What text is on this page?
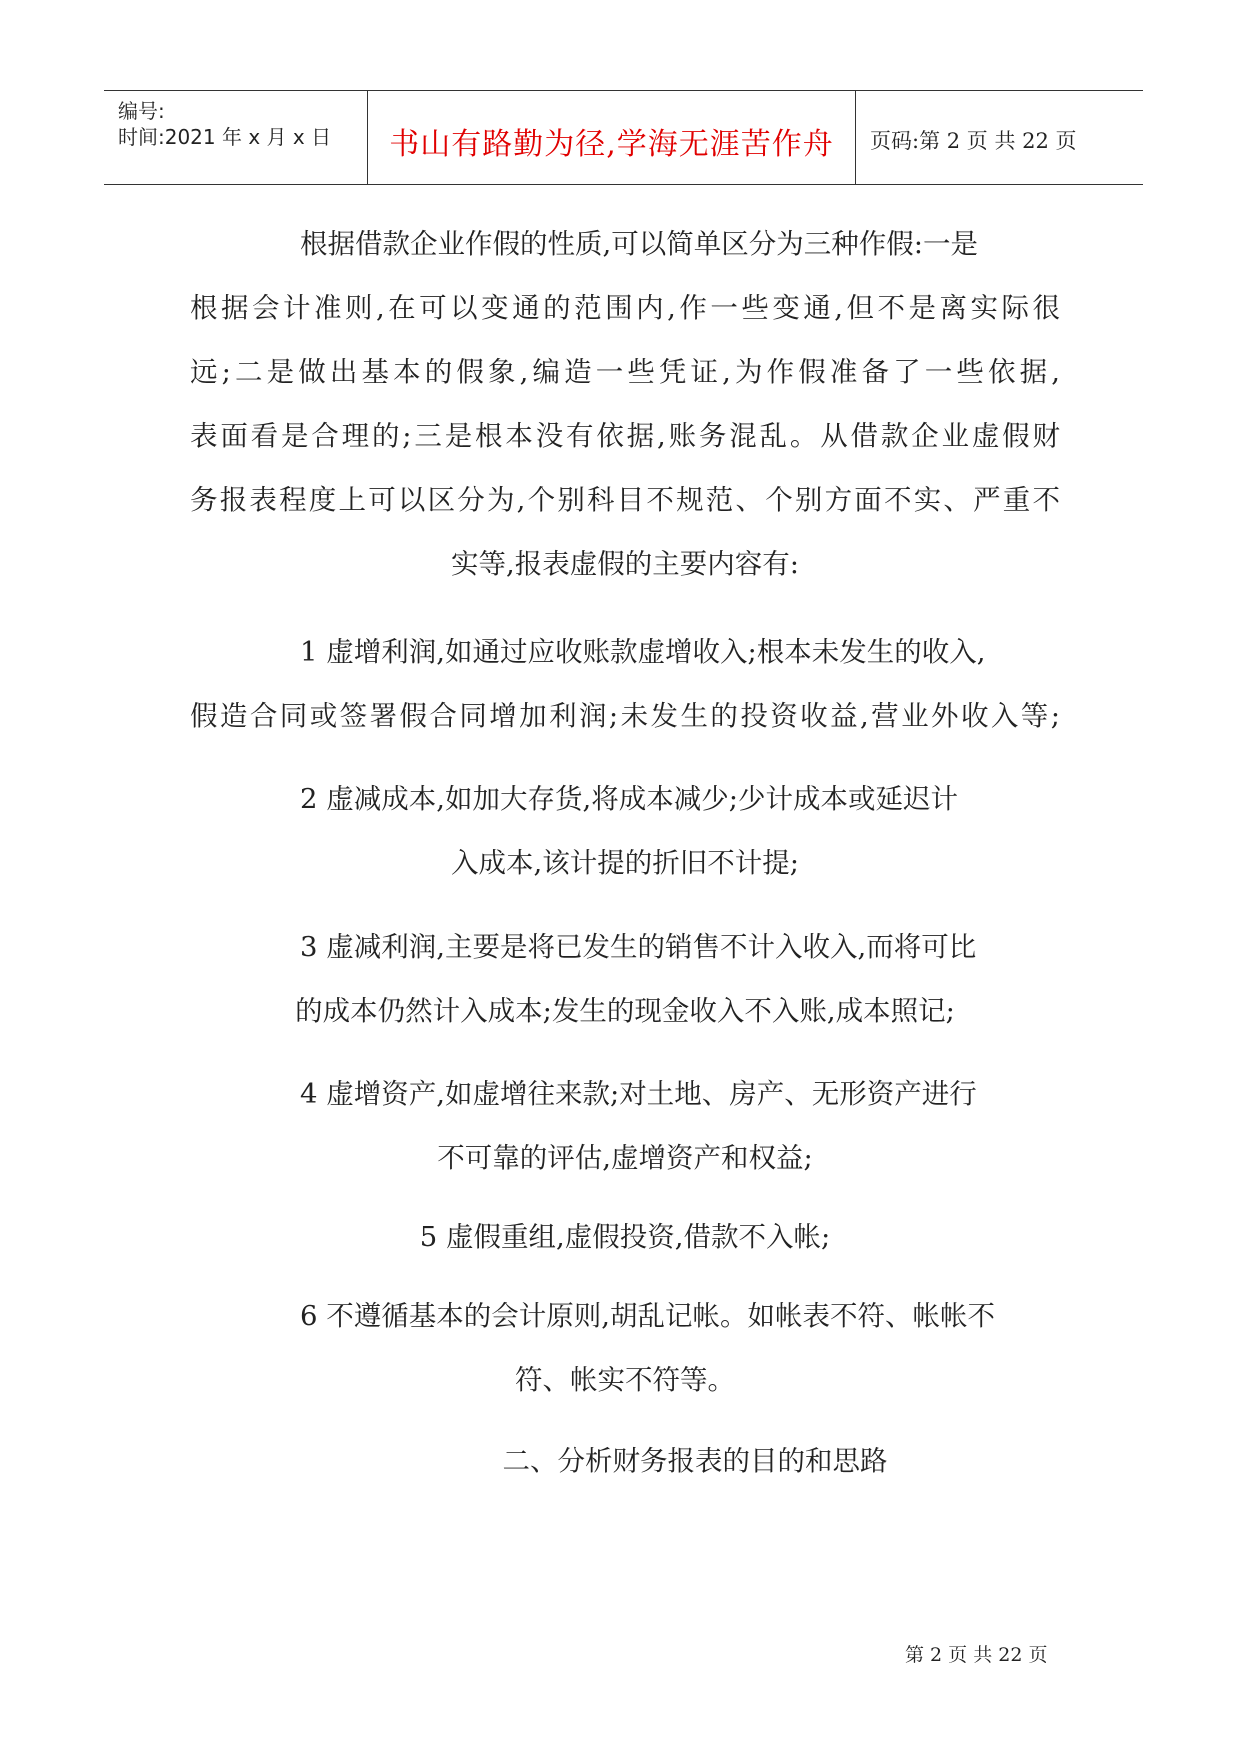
编号:
时间:2021 年 x 月 x 日	书山有路勤为径,学海无涯苦作舟	页码:第 2 页 共 22 页
根据借款企业作假的性质,可以简单区分为三种作假:一是
根据会计准则,在可以变通的范围内,作一些变通,但不是离实际很
远;二是做出基本的假象,编造一些凭证,为作假准备了一些依据,
表面看是合理的;三是根本没有依据,账务混乱。从借款企业虚假财
务报表程度上可以区分为,个别科目不规范、个别方面不实、严重不
实等,报表虚假的主要内容有:
1 虚增利润,如通过应收账款虚增收入;根本未发生的收入,
假造合同或签署假合同增加利润;未发生的投资收益,营业外收入等;
2 虚减成本,如加大存货,将成本减少;少计成本或延迟计
入成本,该计提的折旧不计提;
3 虚减利润,主要是将已发生的销售不计入收入,而将可比
的成本仍然计入成本;发生的现金收入不入账,成本照记;
4 虚增资产,如虚增往来款;对土地、房产、无形资产进行
不可靠的评估,虚增资产和权益;
5 虚假重组,虚假投资,借款不入帐;
6 不遵循基本的会计原则,胡乱记帐。如帐表不符、帐帐不
符、帐实不符等。
二、分析财务报表的目的和思路
第 2 页 共 22 页
